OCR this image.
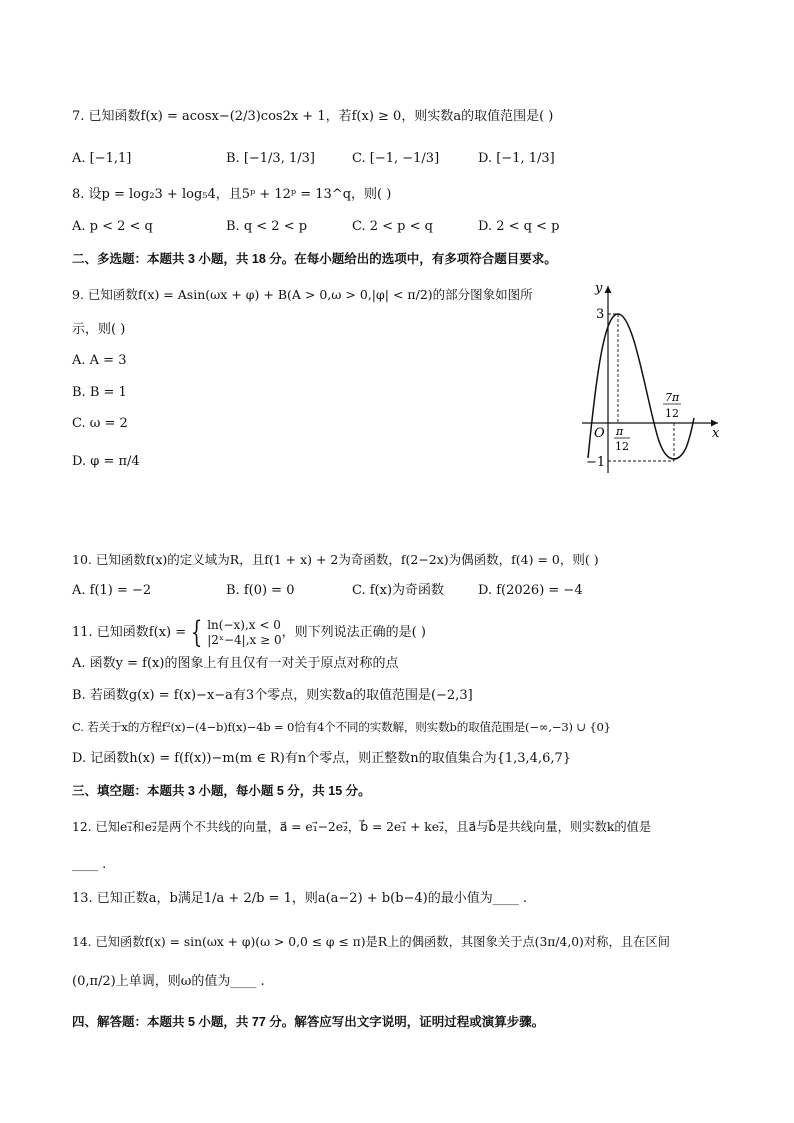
7. 已知函数f(x) = acosx−(2/3)cos2x + 1，若f(x) ≥ 0，则实数a的取值范围是( )
A. [−1,1]	B. [−1/3, 1/3]	C. [−1, −1/3]	D. [−1, 1/3]
8. 设p = log₂3 + log₅4，且5ᵖ + 12ᵖ = 13^q，则( )
A. p < 2 < q	B. q < 2 < p	C. 2 < p < q	D. 2 < q < p
二、多选题：本题共 3 小题，共 18 分。在每小题给出的选项中，有多项符合题目要求。
9. 已知函数f(x) = Asin(ωx + φ) + B(A > 0,ω > 0,|φ| < π/2)的部分图象如图所
示，则( )
A. A = 3
B. B = 1
C. ω = 2
D. φ = π/4
y
x
O
3
−1
π
12
7π
12
10. 已知函数f(x)的定义域为R，且f(1 + x) + 2为奇函数，f(2−2x)为偶函数，f(4) = 0，则( )
A. f(1) = −2	B. f(0) = 0	C. f(x)为奇函数	D. f(2026) = −4
11. 已知函数f(x) = { ln(−x),x < 0
|2ˣ−4|,x ≥ 0 ，则下列说法正确的是( )
A. 函数y = f(x)的图象上有且仅有一对关于原点对称的点
B. 若函数g(x) = f(x)−x−a有3个零点，则实数a的取值范围是(−2,3]
C. 若关于x的方程f²(x)−(4−b)f(x)−4b = 0恰有4个不同的实数解，则实数b的取值范围是(−∞,−3) ∪ {0}
D. 记函数h(x) = f(f(x))−m(m ∈ R)有n个零点，则正整数n的取值集合为{1,3,4,6,7}
三、填空题：本题共 3 小题，每小题 5 分，共 15 分。
12. 已知e₁⃗和e₂⃗是两个不共线的向量，a⃗ = e₁⃗−2e₂⃗，b⃗ = 2e₁⃗ + ke₂⃗，且a⃗与b⃗是共线向量，则实数k的值是
____ .
13. 已知正数a，b满足1/a + 2/b = 1，则a(a−2) + b(b−4)的最小值为____ .
14. 已知函数f(x) = sin(ωx + φ)(ω > 0,0 ≤ φ ≤ π)是R上的偶函数，其图象关于点(3π/4,0)对称，且在区间
(0,π/2)上单调，则ω的值为____ .
四、解答题：本题共 5 小题，共 77 分。解答应写出文字说明，证明过程或演算步骤。
